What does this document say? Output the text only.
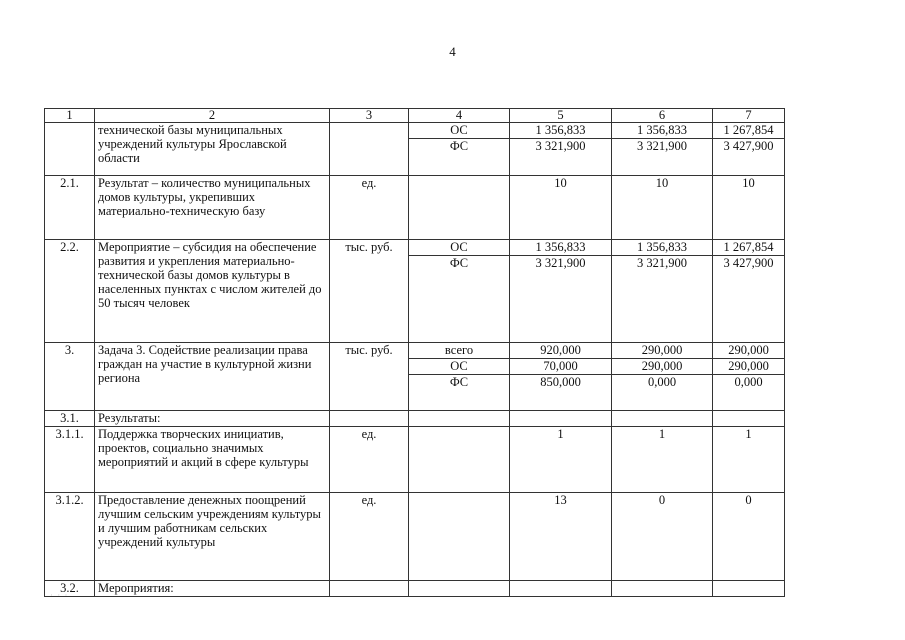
4
1	2	3	4	5	6	7
	технической базы муниципальных учреждений культуры Ярославской области		ОС	1 356,833	1 356,833	1 267,854
			ФС	3 321,900	3 321,900	3 427,900
2.1.	Результат – количество муниципальных домов культуры, укрепивших материально-техническую базу	ед.		10	10	10
2.2.	Мероприятие – субсидия на обеспечение развития и укрепления материально-технической базы домов культуры в населенных пунктах с числом жителей до 50 тысяч человек	тыс. руб.	ОС	1 356,833	1 356,833	1 267,854
			ФС	3 321,900	3 321,900	3 427,900
3.	Задача 3. Содействие реализации права граждан на участие в культурной жизни региона	тыс. руб.	всего	920,000	290,000	290,000
			ОС	70,000	290,000	290,000
			ФС	850,000	0,000	0,000
3.1.	Результаты:					
3.1.1.	Поддержка творческих инициатив, проектов, социально значимых мероприятий и акций в сфере культуры	ед.		1	1	1
3.1.2.	Предоставление денежных поощрений лучшим сельским учреждениям культуры и лучшим работникам сельских учреждений культуры	ед.		13	0	0
3.2.	Мероприятия:					
· · ·
